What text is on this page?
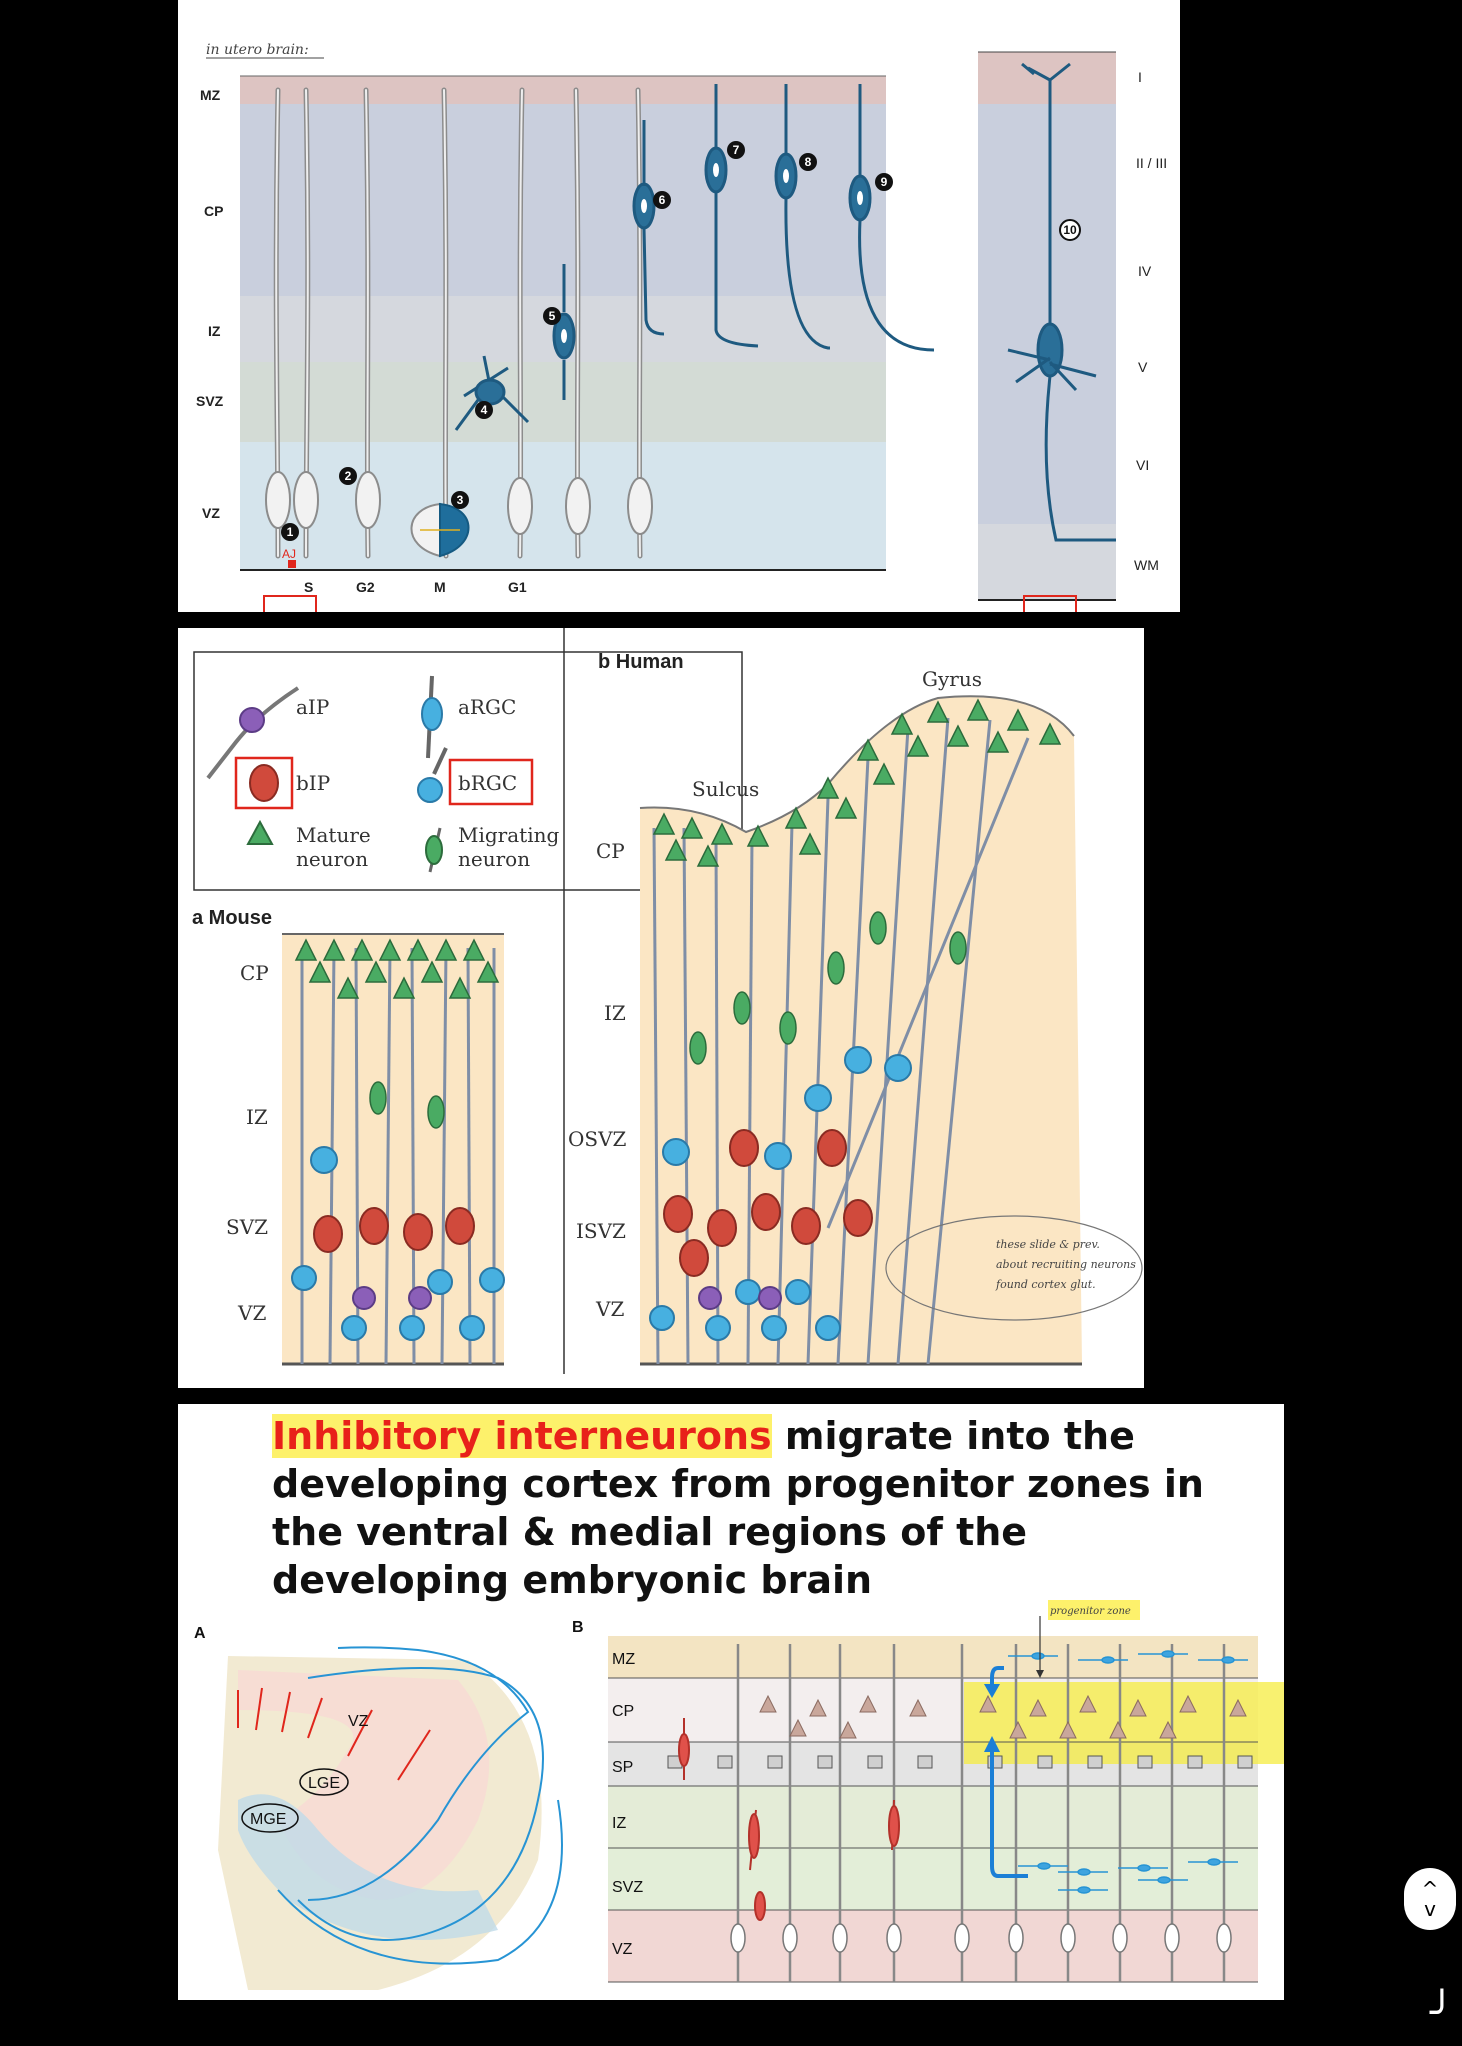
in utero brain:
MZ
CP
IZ
SVZ
VZ
S	G2	M	G1
AJ
I
II / III
IV
V
VI
WM
1
2
3
4
5
6
7
8
9
10
aIP	aRGC
bIP	bRGC
Mature
neuron
Migrating
neuron
a Mouse
CP
IZ
SVZ
VZ
b Human
Gyrus
Sulcus
CP
IZ
OSVZ
ISVZ
VZ
these slide & prev.
about recruiting neurons
found cortex glut.
Inhibitory interneurons migrate into the developing cortex from progenitor zones in the ventral & medial regions of the developing embryonic brain
A
VZ
LGE
MGE
B
progenitor zone
MZ
CP
SP
IZ
SVZ
VZ
^
v
╯
